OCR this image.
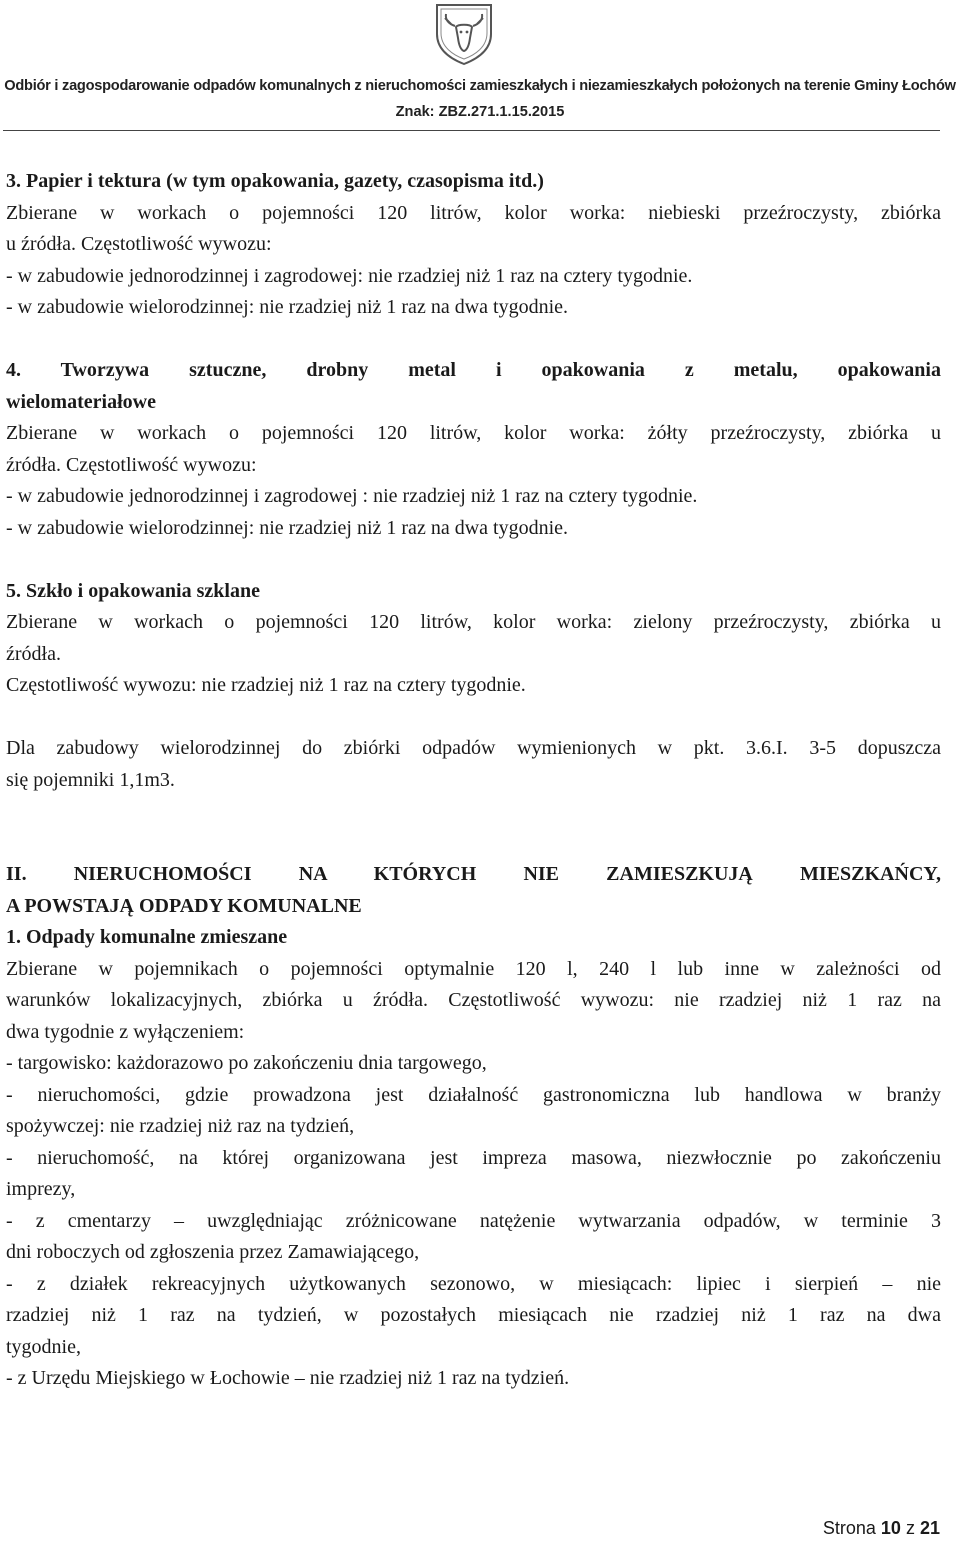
Odbiór i zagospodarowanie odpadów komunalnych z nieruchomości zamieszkałych i niezamieszkałych położonych na terenie Gminy Łochów
Znak: ZBZ.271.1.15.2015
3. Papier i tektura (w tym opakowania, gazety, czasopisma itd.)
Zbierane w workach o pojemności 120 litrów, kolor worka: niebieski przeźroczysty, zbiórka
u źródła. Częstotliwość wywozu:
- w zabudowie jednorodzinnej i zagrodowej: nie rzadziej niż 1 raz na cztery tygodnie.
- w zabudowie wielorodzinnej: nie rzadziej niż 1 raz na dwa tygodnie.
4. Tworzywa sztuczne, drobny metal i opakowania z metalu, opakowania
wielomateriałowe
Zbierane w workach o pojemności 120 litrów, kolor worka: żółty przeźroczysty, zbiórka u
źródła. Częstotliwość wywozu:
- w zabudowie jednorodzinnej i zagrodowej : nie rzadziej niż 1 raz na cztery tygodnie.
- w zabudowie wielorodzinnej: nie rzadziej niż 1 raz na dwa tygodnie.
5. Szkło i opakowania szklane
Zbierane w workach o pojemności 120 litrów, kolor worka: zielony przeźroczysty, zbiórka u
źródła.
Częstotliwość wywozu: nie rzadziej niż 1 raz na cztery tygodnie.
Dla zabudowy wielorodzinnej do zbiórki odpadów wymienionych w pkt. 3.6.I. 3-5 dopuszcza
się pojemniki 1,1m3.
II. NIERUCHOMOŚCI NA KTÓRYCH NIE ZAMIESZKUJĄ MIESZKAŃCY,
A POWSTAJĄ ODPADY KOMUNALNE
1. Odpady komunalne zmieszane
Zbierane w pojemnikach o pojemności optymalnie 120 l, 240 l lub inne w zależności od
warunków lokalizacyjnych, zbiórka u źródła. Częstotliwość wywozu: nie rzadziej niż 1 raz na
dwa tygodnie z wyłączeniem:
- targowisko: każdorazowo po zakończeniu dnia targowego,
- nieruchomości, gdzie prowadzona jest działalność gastronomiczna lub handlowa w branży
spożywczej: nie rzadziej niż raz na tydzień,
- nieruchomość, na której organizowana jest impreza masowa, niezwłocznie po zakończeniu
imprezy,
- z cmentarzy – uwzględniając zróżnicowane natężenie wytwarzania odpadów, w terminie 3
dni roboczych od zgłoszenia przez Zamawiającego,
- z działek rekreacyjnych użytkowanych sezonowo, w miesiącach: lipiec i sierpień – nie
rzadziej niż 1 raz na tydzień, w pozostałych miesiącach nie rzadziej niż 1 raz na dwa
tygodnie,
- z Urzędu Miejskiego w Łochowie – nie rzadziej niż 1 raz na tydzień.
Strona 10 z 21
